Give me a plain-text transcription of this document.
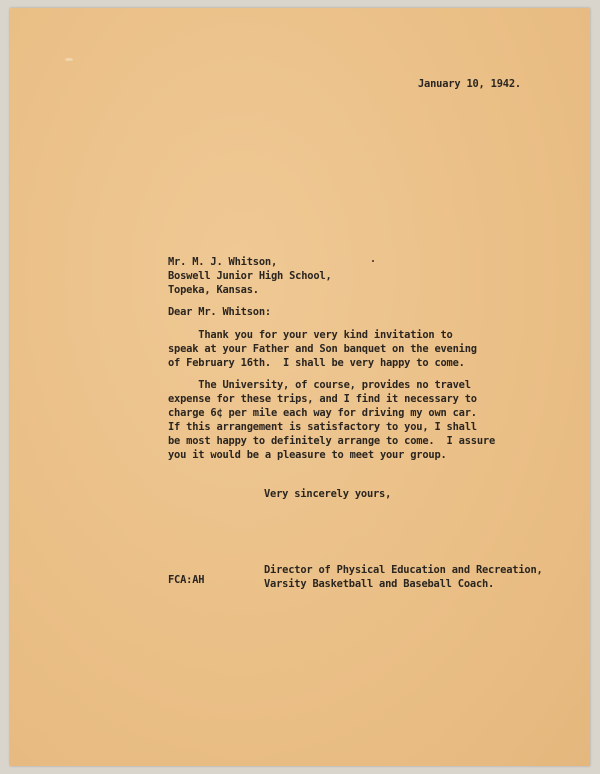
January 10, 1942.
Mr. M. J. Whitson,
Boswell Junior High School,
Topeka, Kansas.
Dear Mr. Whitson:
Thank you for your very kind invitation to
speak at your Father and Son banquet on the evening
of February 16th.  I shall be very happy to come.
The University, of course, provides no travel
expense for these trips, and I find it necessary to
charge 6¢ per mile each way for driving my own car.
If this arrangement is satisfactory to you, I shall
be most happy to definitely arrange to come.  I assure
you it would be a pleasure to meet your group.
Very sincerely yours,
Director of Physical Education and Recreation,
FCA:AH	Varsity Basketball and Baseball Coach.
